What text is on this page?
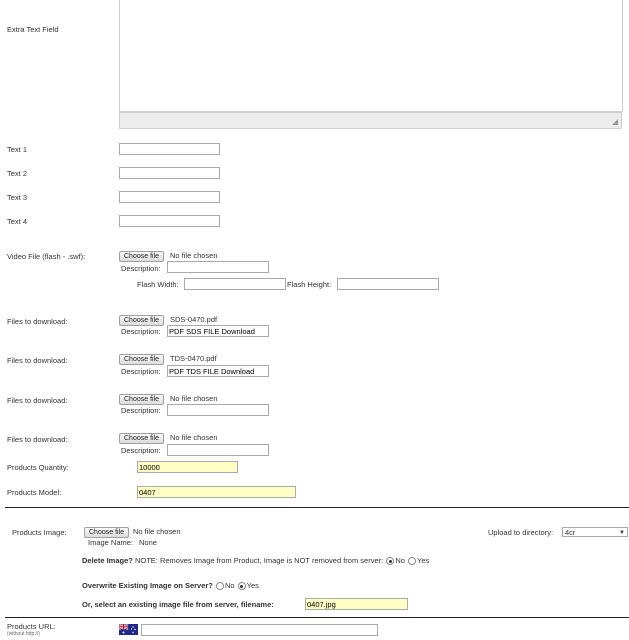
Extra Text Field
Text 1
Text 2
Text 3
Text 4
Video File (flash - .swf):	Choose file	No file chosen
Description:
Flash Width:	Flash Height:
Files to download:	Choose file	SDS-0470.pdf
Description:
PDF SDS FILE Download
Files to download:	Choose file	TDS-0470.pdf
Description:
PDF TDS FILE Download
Files to download:	Choose file	No file chosen
Description:
Files to download:	Choose file	No file chosen
Description:
Products Quantity:
10000
Products Model:
0407
Products Image:	Choose file	No file chosen
Image Name: None
Upload to directory:	4cr	▼
Delete Image? NOTE: Removes Image from Product, Image is NOT removed from server: No Yes
Overwrite Existing Image on Server? No Yes
Or, select an existing image file from server, filename:
0407.jpg
Products URL:
(without http://)
